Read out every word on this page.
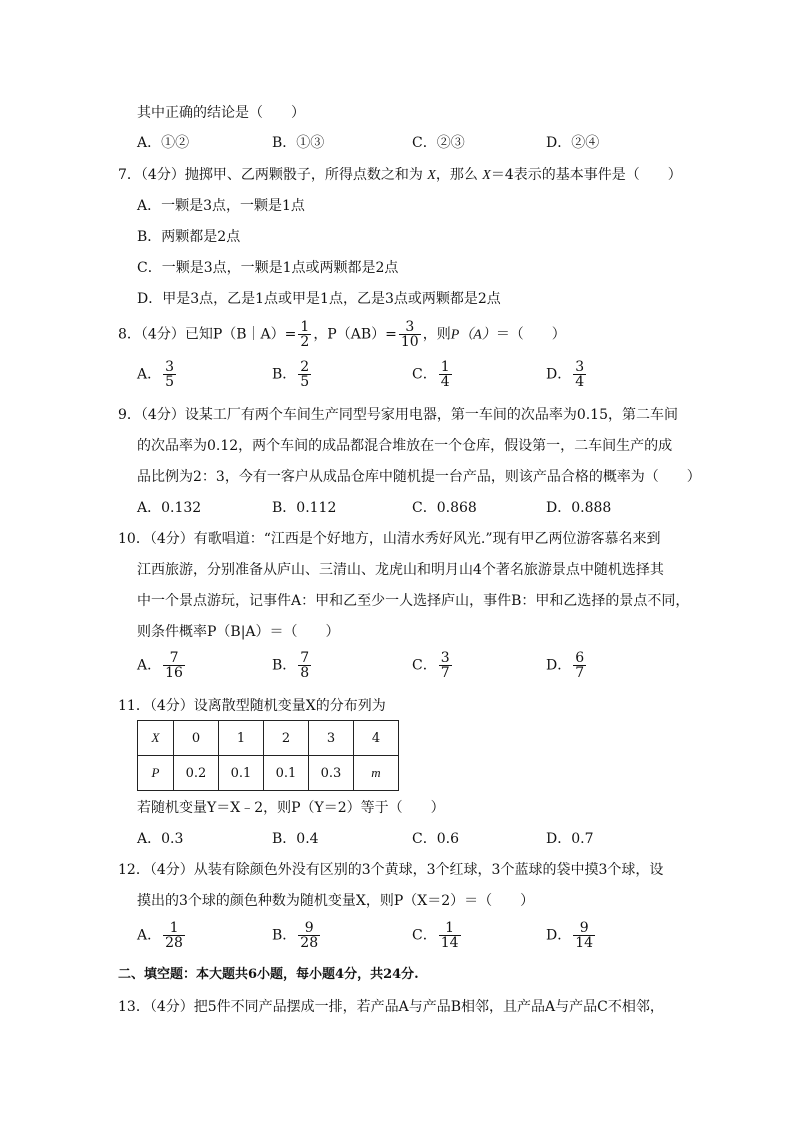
其中正确的结论是（　　）
A．①②	B．①③	C．②③	D．②④
7．（4分）抛掷甲、乙两颗骰子，所得点数之和为 X，那么 X＝4表示的基本事件是（　　）
A．一颗是3点，一颗是1点
B．两颗都是2点
C．一颗是3点，一颗是1点或两颗都是2点
D．甲是3点，乙是1点或甲是1点，乙是3点或两颗都是2点
8．（4分）已知P（B｜A）= $\frac{1}{2}$ ，$P(AB)= \frac{3}{10}$ ，则P（A）＝（　　）
A． $\frac{3}{5}$	B． $\frac{2}{5}$	C． $\frac{1}{4}$	D． $\frac{3}{4}$
9．（4分）设某工厂有两个车间生产同型号家用电器，第一车间的次品率为0.15，第二车间
的次品率为0.12，两个车间的成品都混合堆放在一个仓库，假设第一，二车间生产的成
品比例为2：3，今有一客户从成品仓库中随机提一台产品，则该产品合格的概率为（　　）
A．0.132	B．0.112	C．0.868	D．0.888
10．（4分）有歌唱道：“江西是个好地方，山清水秀好风光.”现有甲乙两位游客慕名来到
江西旅游，分别准备从庐山、三清山、龙虎山和明月山4个著名旅游景点中随机选择其
中一个景点游玩，记事件A：甲和乙至少一人选择庐山，事件B：甲和乙选择的景点不同，
则条件概率P（B|A）＝（　　）
A． $\frac{7}{16}$	B． $\frac{7}{8}$	C． $\frac{3}{7}$	D． $\frac{6}{7}$
11．（4分）设离散型随机变量X的分布列为
X	0	1	2	3	4
P	0.2	0.1	0.1	0.3	m
若随机变量Y＝X﹣2，则P（Y＝2）等于（　　）
A．0.3	B．0.4	C．0.6	D．0.7
12．（4分）从装有除颜色外没有区别的3个黄球，3个红球，3个蓝球的袋中摸3个球，设
摸出的3个球的颜色种数为随机变量X，则P（X＝2）＝（　　）
A． $\frac{1}{28}$	B． $\frac{9}{28}$	C． $\frac{1}{14}$	D． $\frac{9}{14}$
二、填空题：本大题共6小题，每小题4分，共24分.
13．（4分）把5件不同产品摆成一排，若产品A与产品B相邻，且产品A与产品C不相邻，
